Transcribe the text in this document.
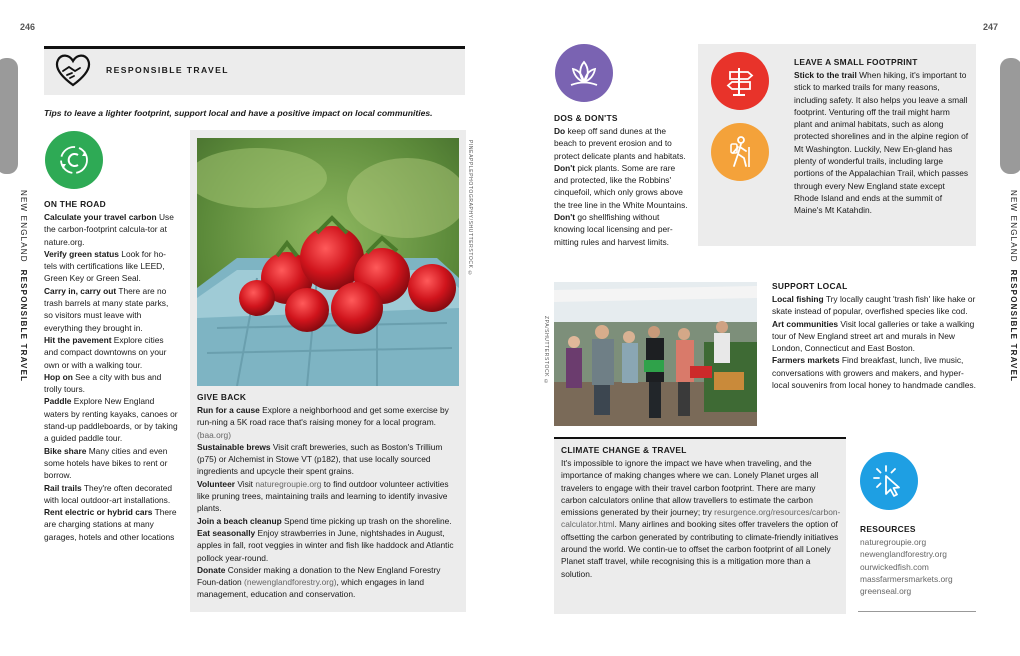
246	247
NEW ENGLAND  RESPONSIBLE TRAVEL
NEW ENGLAND  RESPONSIBLE TRAVEL
RESPONSIBLE TRAVEL
Tips to leave a lighter footprint, support local and have a positive impact on local communities.
ON THE ROAD

Calculate your travel carbon Use the carbon-footprint calcula-tor at nature.org.

Verify green status Look for ho-tels with certifications like LEED, Green Key or Green Seal.

Carry in, carry out There are no trash barrels at many state parks, so visitors must leave with everything they brought in.

Hit the pavement Explore cities and compact downtowns on your own or with a walking tour.

Hop on See a city with bus and trolly tours.

Paddle Explore New England waters by renting kayaks, canoes or stand-up paddleboards, or by taking a guided paddle tour.

Bike share Many cities and even some hotels have bikes to rent or borrow.

Rail trails They're often decorated with local outdoor-art installations.

Rent electric or hybrid cars There are charging stations at many garages, hotels and other locations

PINEAPPLEPHOTOGRAPHY/SHUTTERSTOCK ©
GIVE BACK

Run for a cause Explore a neighborhood and get some exercise by run-ning a 5K road race that's raising money for a local program. (baa.org)

Sustainable brews Visit craft breweries, such as Boston's Trillium (p75) or Alchemist in Stowe VT (p182), that use locally sourced ingredients and upcycle their spent grains.

Volunteer Visit naturegroupie.org to find outdoor volunteer activities like pruning trees, maintaining trails and learning to identify invasive plants.

Join a beach cleanup Spend time picking up trash on the shoreline.

Eat seasonally Enjoy strawberries in June, nightshades in August, apples in fall, root veggies in winter and fish like haddock and Atlantic pollock year-round.

Donate Consider making a donation to the New England Forestry Foun-dation (newenglandforestry.org), which engages in land management, education and conservation.

DOS & DON'TS

Do keep off sand dunes at the beach to prevent erosion and to protect delicate plants and habitats.

Don't pick plants. Some are rare and protected, like the Robbins' cinquefoil, which only grows above the tree line in the White Mountains.

Don't go shellfishing without knowing local licensing and per-mitting rules and harvest limits.

LEAVE A SMALL FOOTPRINT

Stick to the trail When hiking, it's important to stick to marked trails for many reasons, including safety. It also helps you leave a small footprint. Venturing off the trail might harm plant and animal habitats, such as along protected shorelines and in the alpine region of Mt Washington. Luckily, New En-gland has plenty of wonderful trails, including large portions of the Appalachian Trail, which passes through every New England state except Rhode Island and ends at the summit of Maine's Mt Katahdin.

ZPA/SHUTTERSTOCK ©
SUPPORT LOCAL

Local fishing Try locally caught 'trash fish' like hake or skate instead of popular, overfished species like cod.

Art communities Visit local galleries or take a walking tour of New England street art and murals in New London, Connecticut and East Boston.

Farmers markets Find breakfast, lunch, live music, conversations with growers and makers, and hyper-local souvenirs from local honey to handmade candles.

CLIMATE CHANGE & TRAVEL

It's impossible to ignore the impact we have when traveling, and the importance of making changes where we can. Lonely Planet urges all travelers to engage with their travel carbon footprint. There are many carbon calculators online that allow travellers to estimate the carbon emissions generated by their journey; try resurgence.org/resources/carbon-calculator.html. Many airlines and booking sites offer travelers the option of offsetting the carbon generated by contributing to climate-friendly initiatives around the world. We contin-ue to offset the carbon footprint of all Lonely Planet staff travel, while recognising this is a mitigation more than a solution.

RESOURCES
naturegroupie.org
newenglandforestry.org
ourwickedfish.com
massfarmersmarkets.org
greenseal.org
